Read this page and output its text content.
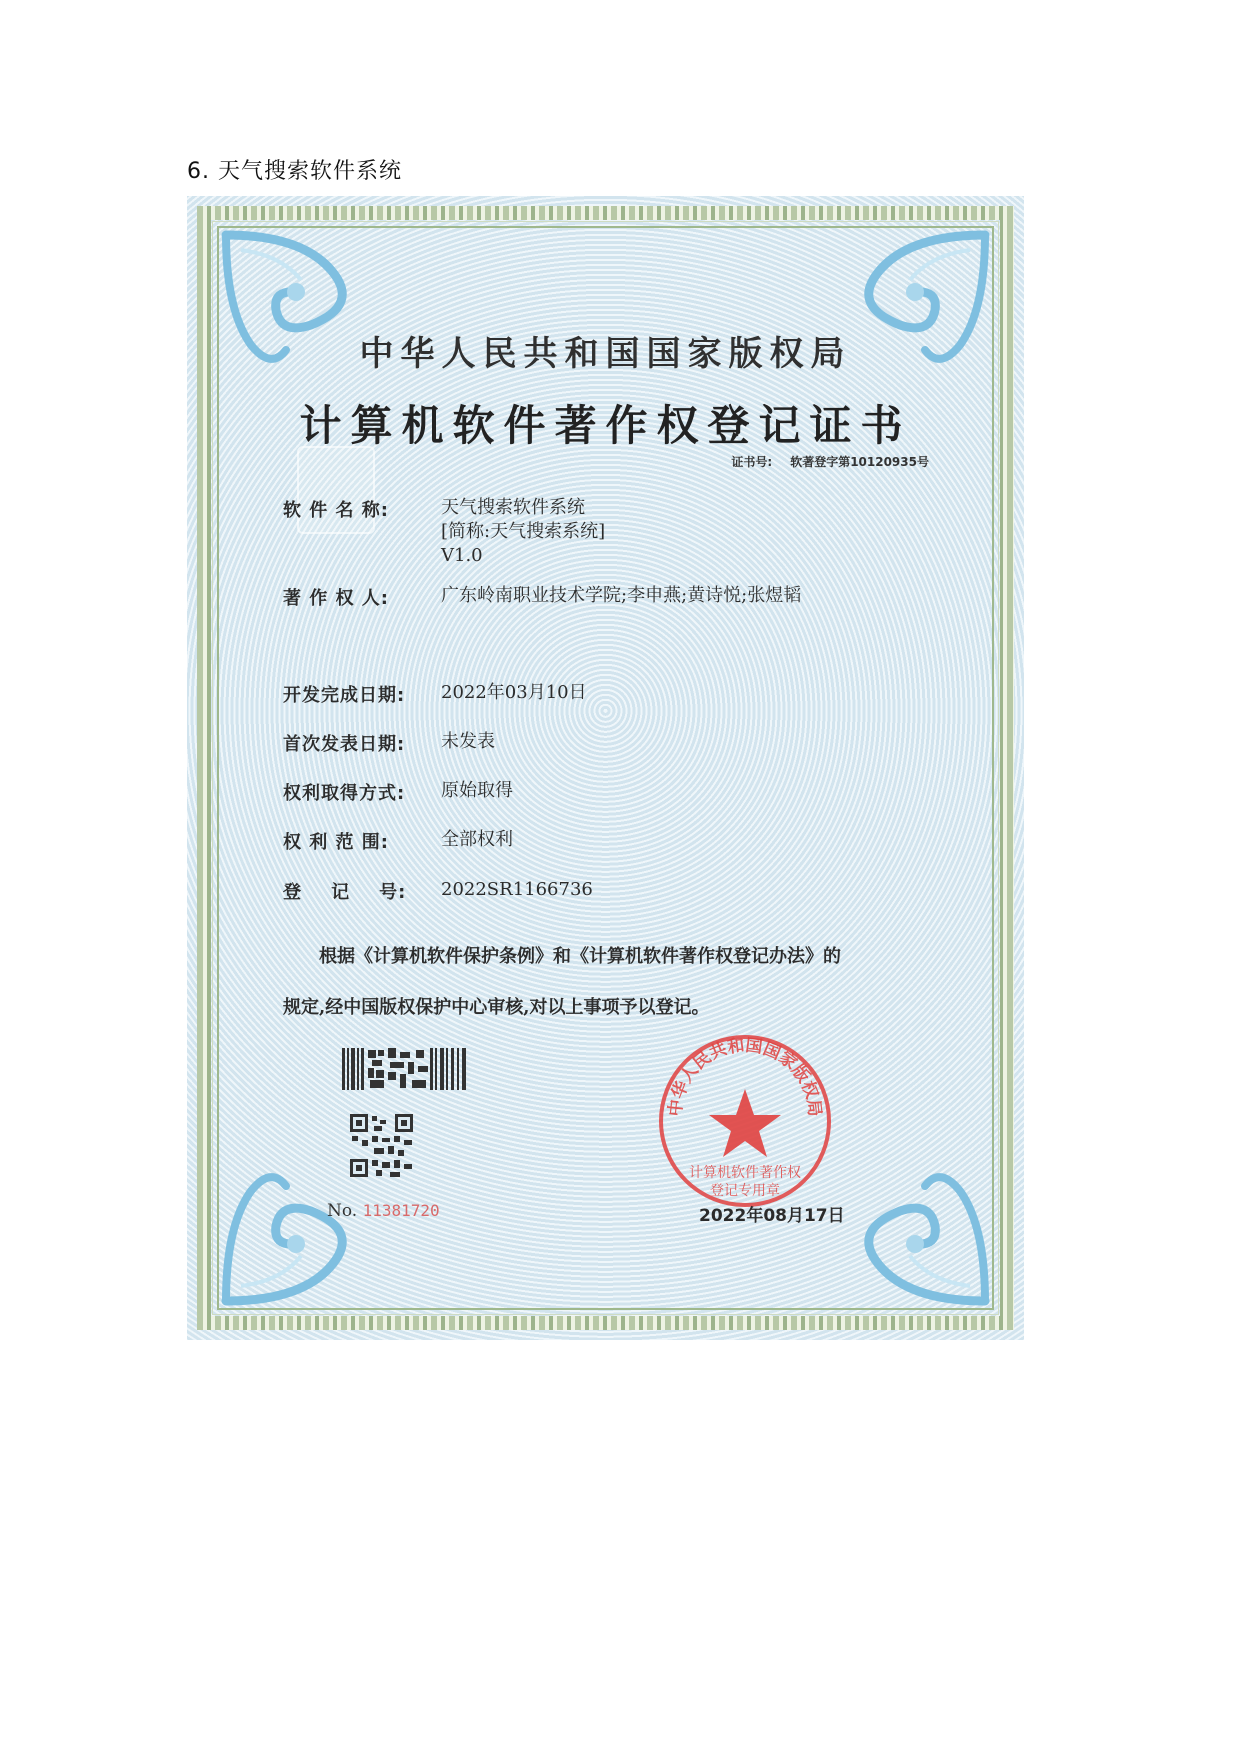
6. 天气搜索软件系统
中华人民共和国国家版权局
计算机软件著作权登记证书
证书号: 软著登字第10120935号
软 件 名 称:	天气搜索软件系统
[简称:天气搜索系统]
V1.0
著 作 权 人:	广东岭南职业技术学院;李申燕;黄诗悦;张煜韬
开发完成日期: 2022年03月10日
首次发表日期: 未发表
权利取得方式: 原始取得
权 利 范 围:	全部权利
登    记    号: 2022SR1166736
根据《计算机软件保护条例》和《计算机软件著作权登记办法》的
规定,经中国版权保护中心审核,对以上事项予以登记。
No. 11381720
中华人民共和国国家版权局
计算机软件著作权
登记专用章
2022年08月17日
